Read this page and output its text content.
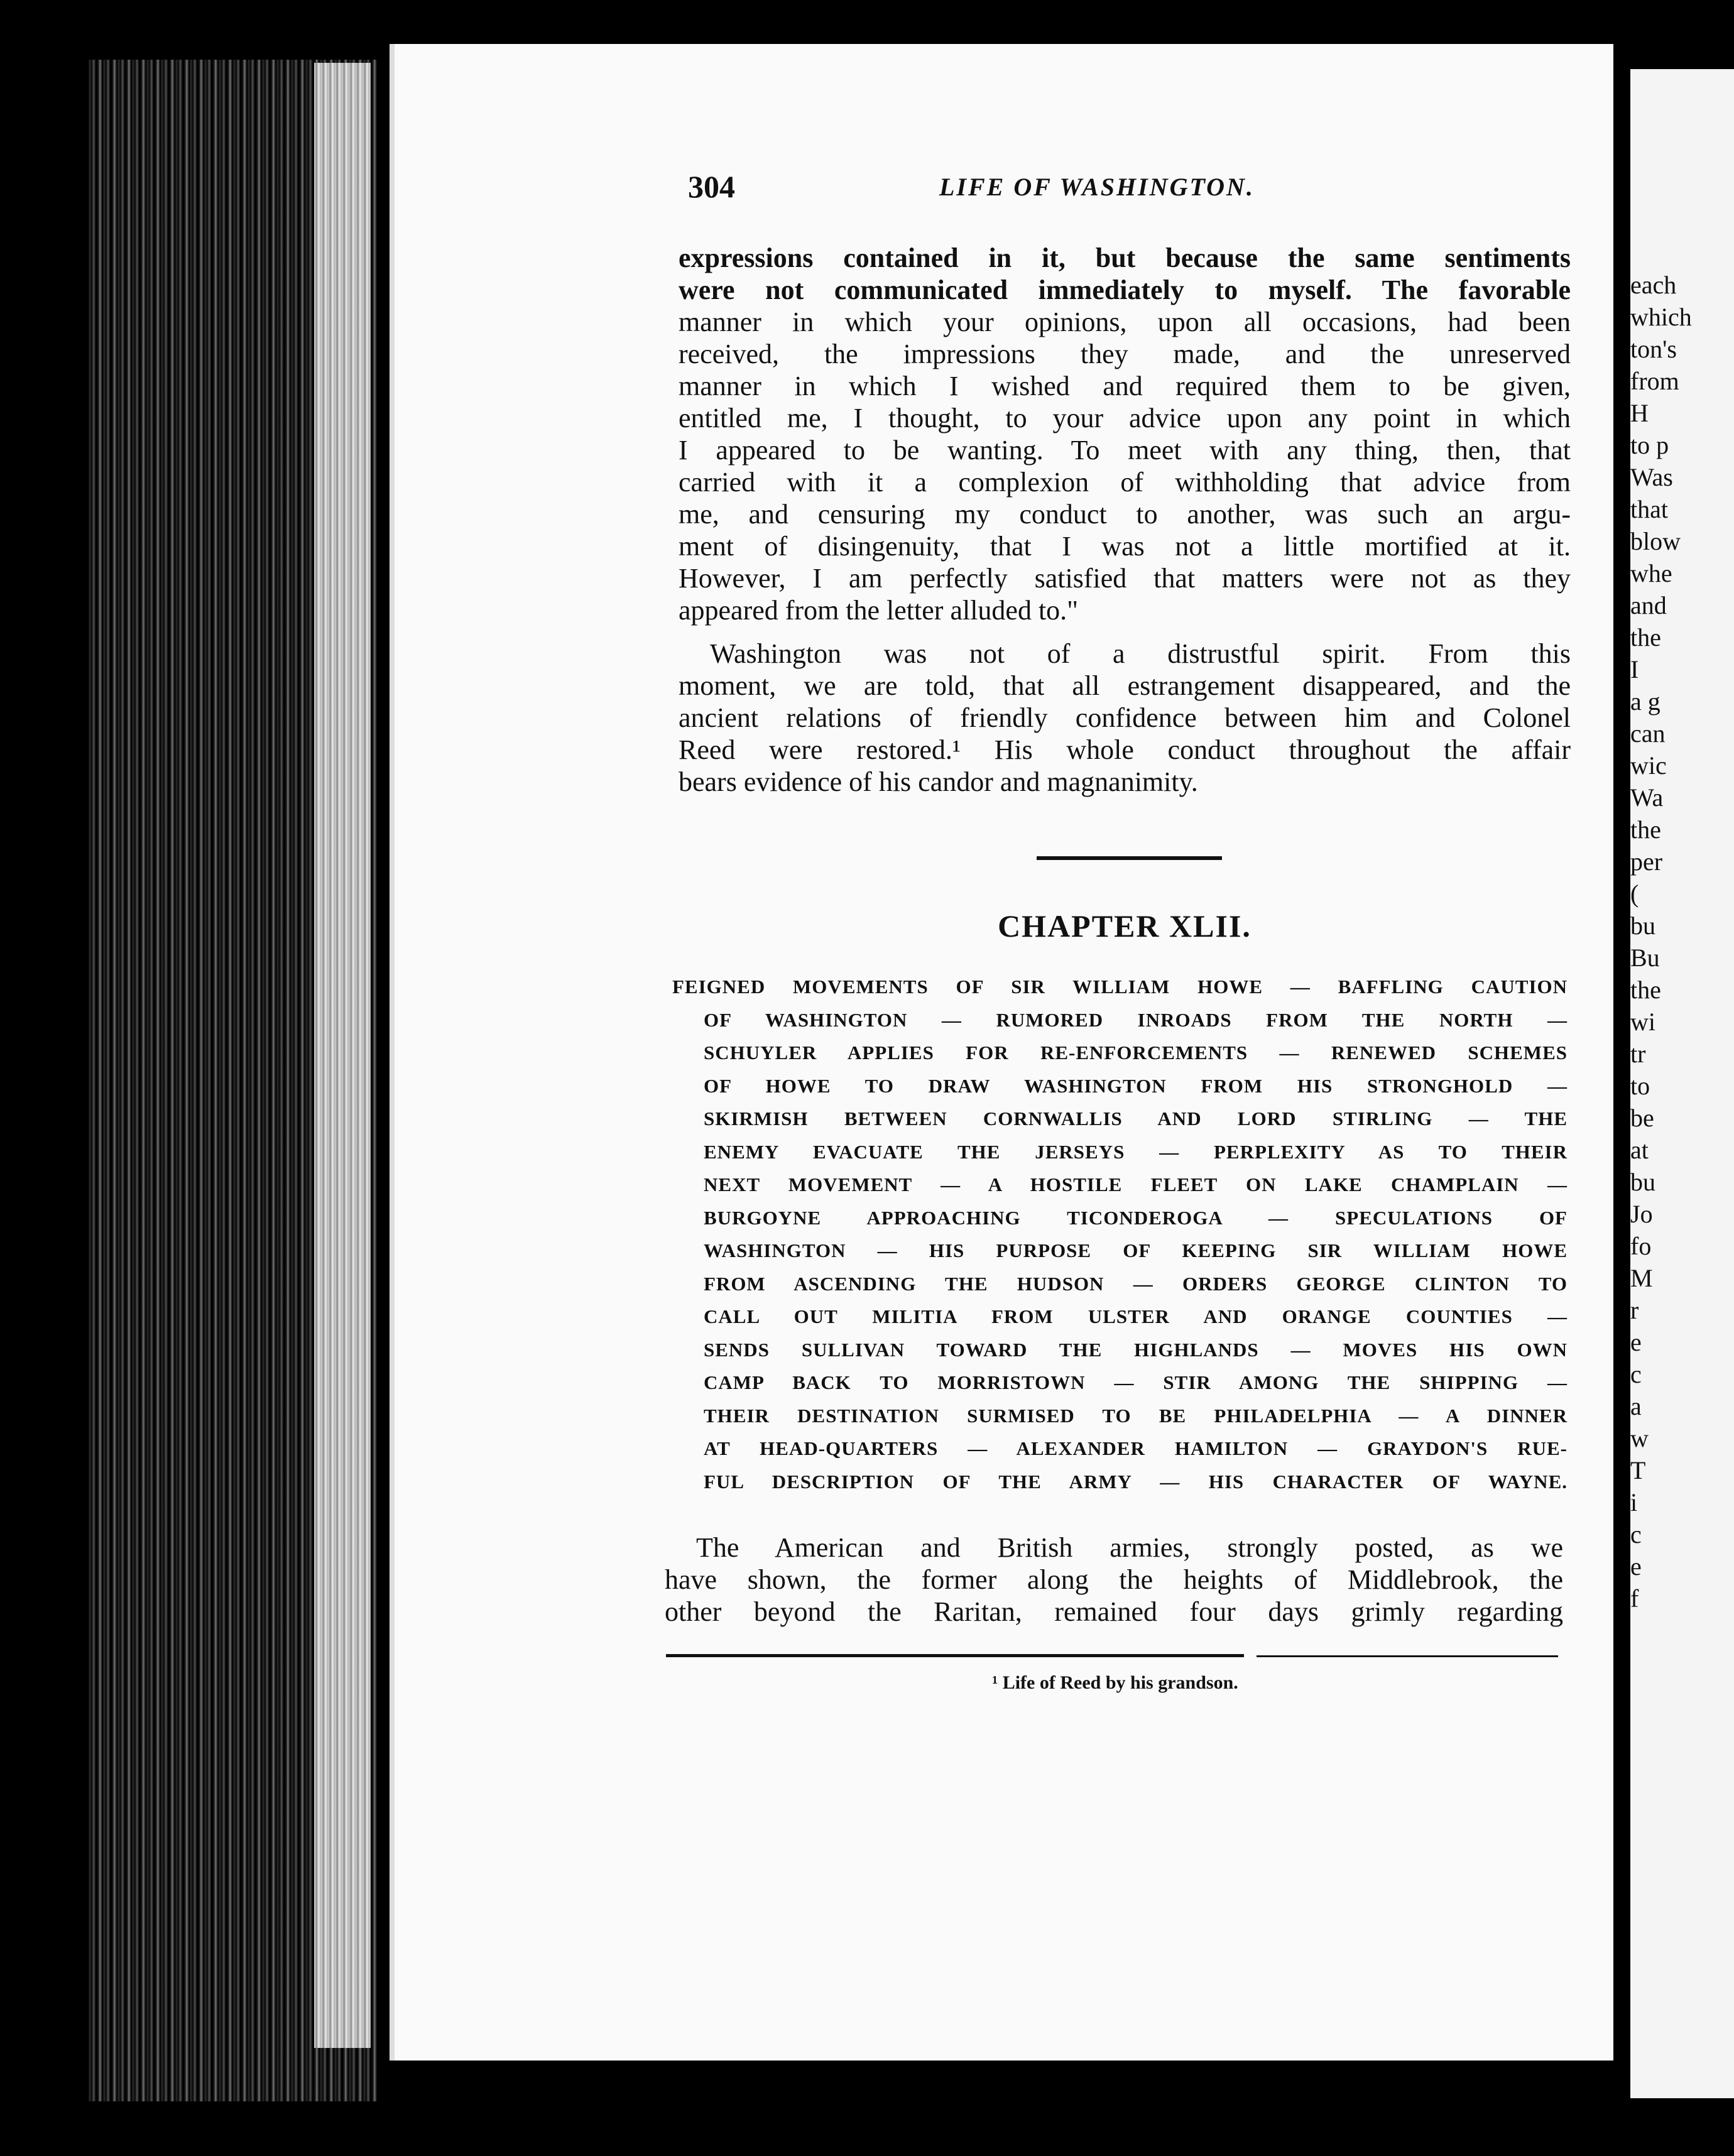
each
which
ton's
from
H
to p
Was
that
blow
whe
and
the
I
a g
can
wic
Wa
the
per
(
bu
Bu
the
wi
tr
to
be
at
bu
Jo
fo
M
r
e
c
a
w
T
i
c
e
f
304	LIFE OF WASHINGTON.
expressions contained in it, but because the same sentiments
were not communicated immediately to myself. The favorable
manner in which your opinions, upon all occasions, had been
received, the impressions they made, and the unreserved
manner in which I wished and required them to be given,
entitled me, I thought, to your advice upon any point in which
I appeared to be wanting. To meet with any thing, then, that
carried with it a complexion of withholding that advice from
me, and censuring my conduct to another, was such an argu-
ment of disingenuity, that I was not a little mortified at it.
However, I am perfectly satisfied that matters were not as they
appeared from the letter alluded to."
Washington was not of a distrustful spirit. From this
moment, we are told, that all estrangement disappeared, and the
ancient relations of friendly confidence between him and Colonel
Reed were restored.¹ His whole conduct throughout the affair
bears evidence of his candor and magnanimity.
CHAPTER XLII.
FEIGNED MOVEMENTS OF SIR WILLIAM HOWE — BAFFLING CAUTION
OF WASHINGTON — RUMORED INROADS FROM THE NORTH —
SCHUYLER APPLIES FOR RE-ENFORCEMENTS — RENEWED SCHEMES
OF HOWE TO DRAW WASHINGTON FROM HIS STRONGHOLD —
SKIRMISH BETWEEN CORNWALLIS AND LORD STIRLING — THE
ENEMY EVACUATE THE JERSEYS — PERPLEXITY AS TO THEIR
NEXT MOVEMENT — A HOSTILE FLEET ON LAKE CHAMPLAIN —
BURGOYNE APPROACHING TICONDEROGA — SPECULATIONS OF
WASHINGTON — HIS PURPOSE OF KEEPING SIR WILLIAM HOWE
FROM ASCENDING THE HUDSON — ORDERS GEORGE CLINTON TO
CALL OUT MILITIA FROM ULSTER AND ORANGE COUNTIES —
SENDS SULLIVAN TOWARD THE HIGHLANDS — MOVES HIS OWN
CAMP BACK TO MORRISTOWN — STIR AMONG THE SHIPPING —
THEIR DESTINATION SURMISED TO BE PHILADELPHIA — A DINNER
AT HEAD-QUARTERS — ALEXANDER HAMILTON — GRAYDON'S RUE-
FUL DESCRIPTION OF THE ARMY — HIS CHARACTER OF WAYNE.
The American and British armies, strongly posted, as we
have shown, the former along the heights of Middlebrook, the
other beyond the Raritan, remained four days grimly regarding
¹ Life of Reed by his grandson.
